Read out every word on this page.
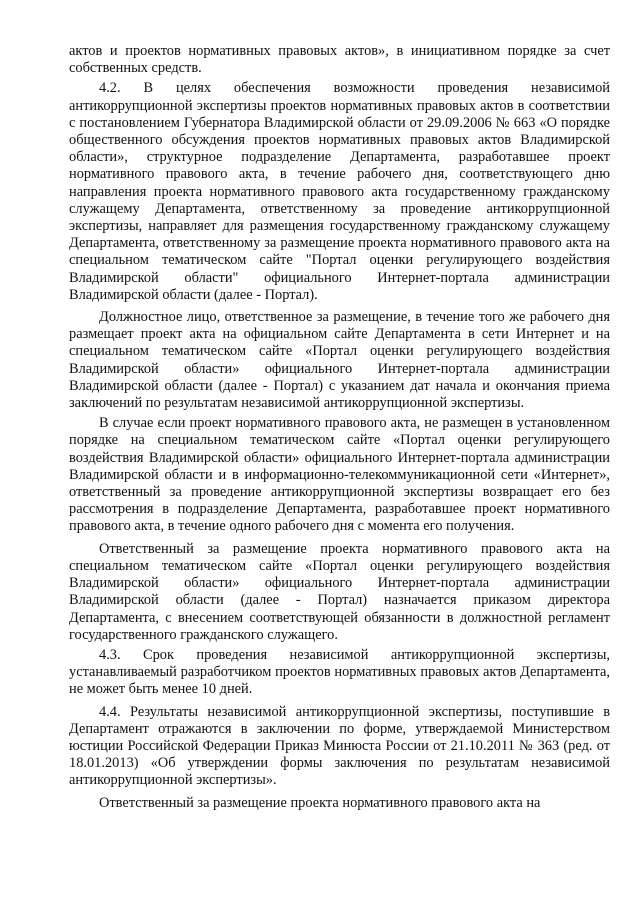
актов и проектов нормативных правовых актов», в инициативном порядке за счет собственных средств.

4.2. В целях обеспечения возможности проведения независимой антикоррупционной экспертизы проектов нормативных правовых актов в соответствии с постановлением Губернатора Владимирской области от 29.09.2006 № 663 «О порядке общественного обсуждения проектов нормативных правовых актов Владимирской области», структурное подразделение Департамента, разработавшее проект нормативного правового акта, в течение рабочего дня, соответствующего дню направления проекта нормативного правового акта государственному гражданскому служащему Департамента, ответственному за проведение антикоррупционной экспертизы, направляет для размещения государственному гражданскому служащему Департамента, ответственному за размещение проекта нормативного правового акта на специальном тематическом сайте "Портал оценки регулирующего воздействия Владимирской области" официального Интернет-портала администрации Владимирской области (далее - Портал).

Должностное лицо, ответственное за размещение, в течение того же рабочего дня размещает проект акта на официальном сайте Департамента в сети Интернет и на специальном тематическом сайте «Портал оценки регулирующего воздействия Владимирской области» официального Интернет-портала администрации Владимирской области (далее - Портал) с указанием дат начала и окончания приема заключений по результатам независимой антикоррупционной экспертизы.

В случае если проект нормативного правового акта, не размещен в установленном порядке на специальном тематическом сайте «Портал оценки регулирующего воздействия Владимирской области» официального Интернет-портала администрации Владимирской области и в информационно-телекоммуникационной сети «Интернет», ответственный за проведение антикоррупционной экспертизы возвращает его без рассмотрения в подразделение Департамента, разработавшее проект нормативного правового акта, в течение одного рабочего дня с момента его получения.

Ответственный за размещение проекта нормативного правового акта на специальном тематическом сайте «Портал оценки регулирующего воздействия Владимирской области» официального Интернет-портала администрации Владимирской области (далее - Портал) назначается приказом директора Департамента, с внесением соответствующей обязанности в должностной регламент государственного гражданского служащего.

4.3. Срок проведения независимой антикоррупционной экспертизы, устанавливаемый разработчиком проектов нормативных правовых актов Департамента, не может быть менее 10 дней.

4.4. Результаты независимой антикоррупционной экспертизы, поступившие в Департамент отражаются в заключении по форме, утверждаемой Министерством юстиции Российской Федерации Приказ Минюста России от 21.10.2011 № 363 (ред. от 18.01.2013) «Об утверждении формы заключения по результатам независимой антикоррупционной экспертизы».

Ответственный за размещение проекта нормативного правового акта на
